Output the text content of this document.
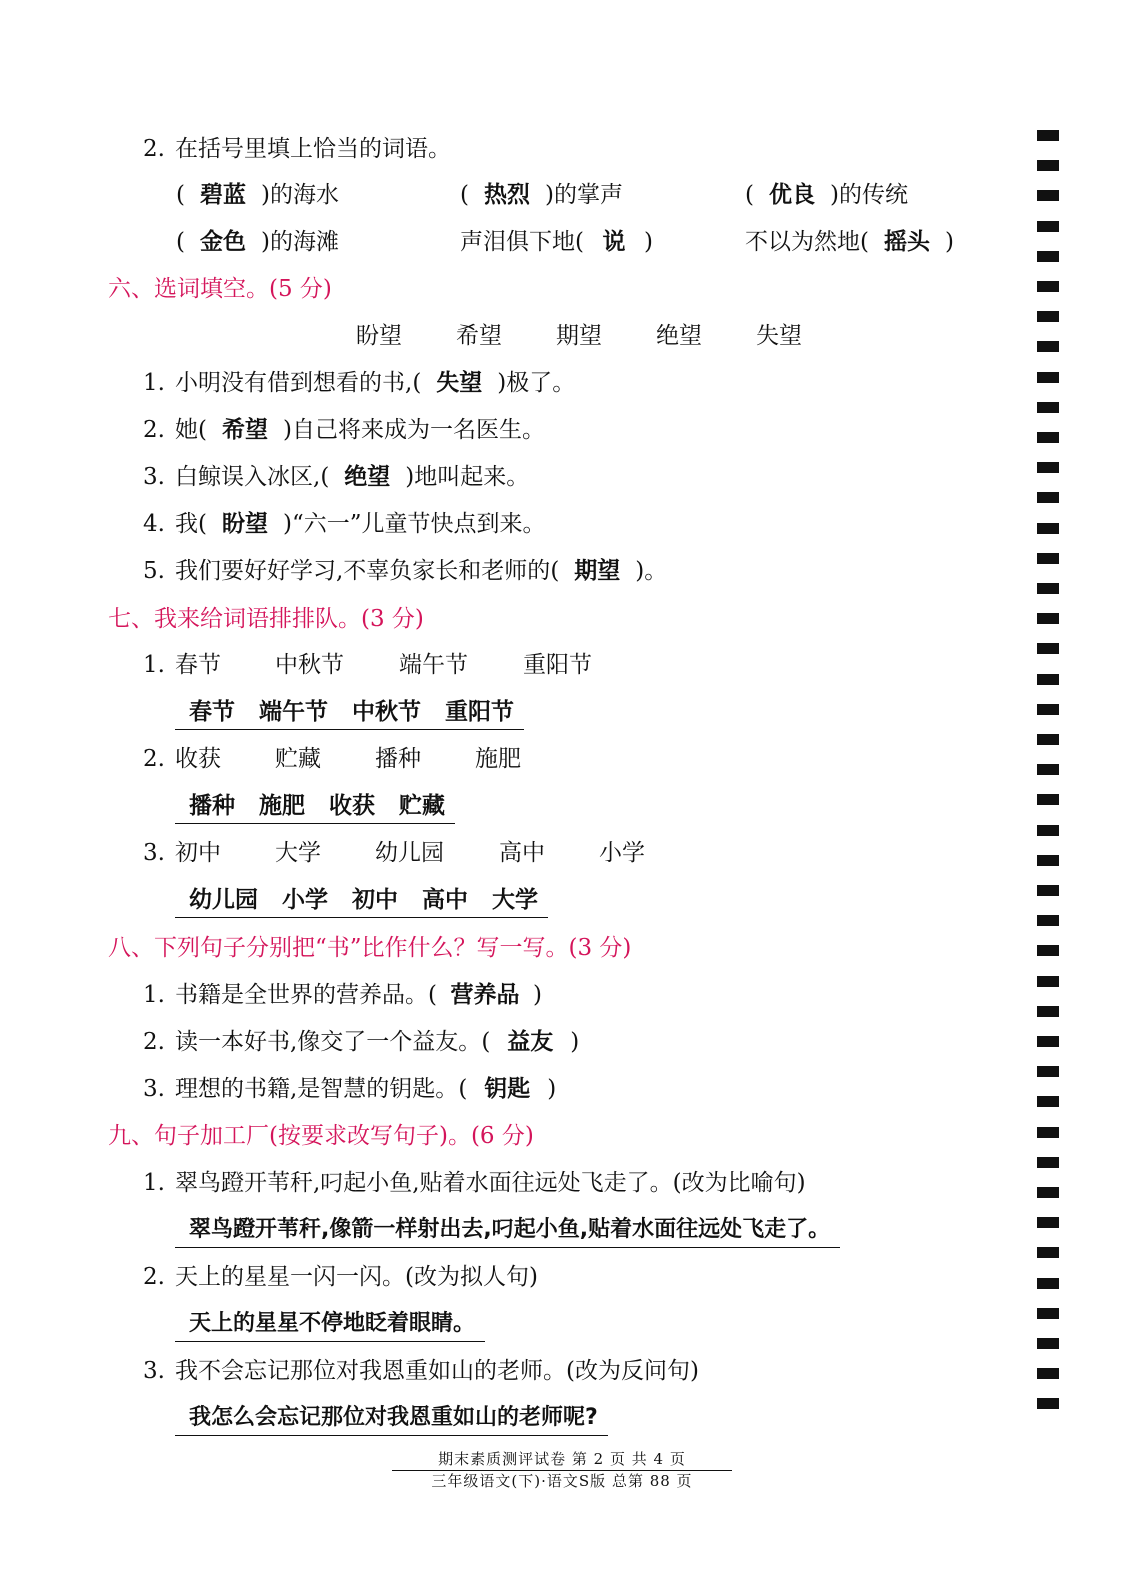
2. 在括号里填上恰当的词语。
( 碧蓝 )的海水	( 热烈 )的掌声	( 优良 )的传统
( 金色 )的海滩	声泪俱下地( 说 )	不以为然地( 摇头 )
六、选词填空。(5 分)
盼望 希望 期望 绝望 失望
1. 小明没有借到想看的书,( 失望 )极了。
2. 她( 希望 )自己将来成为一名医生。
3. 白鲸误入冰区,( 绝望 )地叫起来。
4. 我( 盼望 )“六一”儿童节快点到来。
5. 我们要好好学习,不辜负家长和老师的( 期望 )。
七、我来给词语排排队。(3 分)
1. 春节 中秋节 端午节 重阳节
春节 端午节 中秋节 重阳节
2. 收获 贮藏 播种 施肥
播种 施肥 收获 贮藏
3. 初中 大学 幼儿园 高中 小学
幼儿园 小学 初中 高中 大学
八、下列句子分别把“书”比作什么？写一写。(3 分)
1. 书籍是全世界的营养品。( 营养品 )
2. 读一本好书,像交了一个益友。( 益友 )
3. 理想的书籍,是智慧的钥匙。( 钥匙 )
九、句子加工厂(按要求改写句子)。(6 分)
1. 翠鸟蹬开苇秆,叼起小鱼,贴着水面往远处飞走了。(改为比喻句)
翠鸟蹬开苇秆,像箭一样射出去,叼起小鱼,贴着水面往远处飞走了。
2. 天上的星星一闪一闪。(改为拟人句)
天上的星星不停地眨着眼睛。
3. 我不会忘记那位对我恩重如山的老师。(改为反问句)
我怎么会忘记那位对我恩重如山的老师呢?
期末素质测评试卷 第 2 页 共 4 页
三年级语文(下)·语文S版 总第 88 页
